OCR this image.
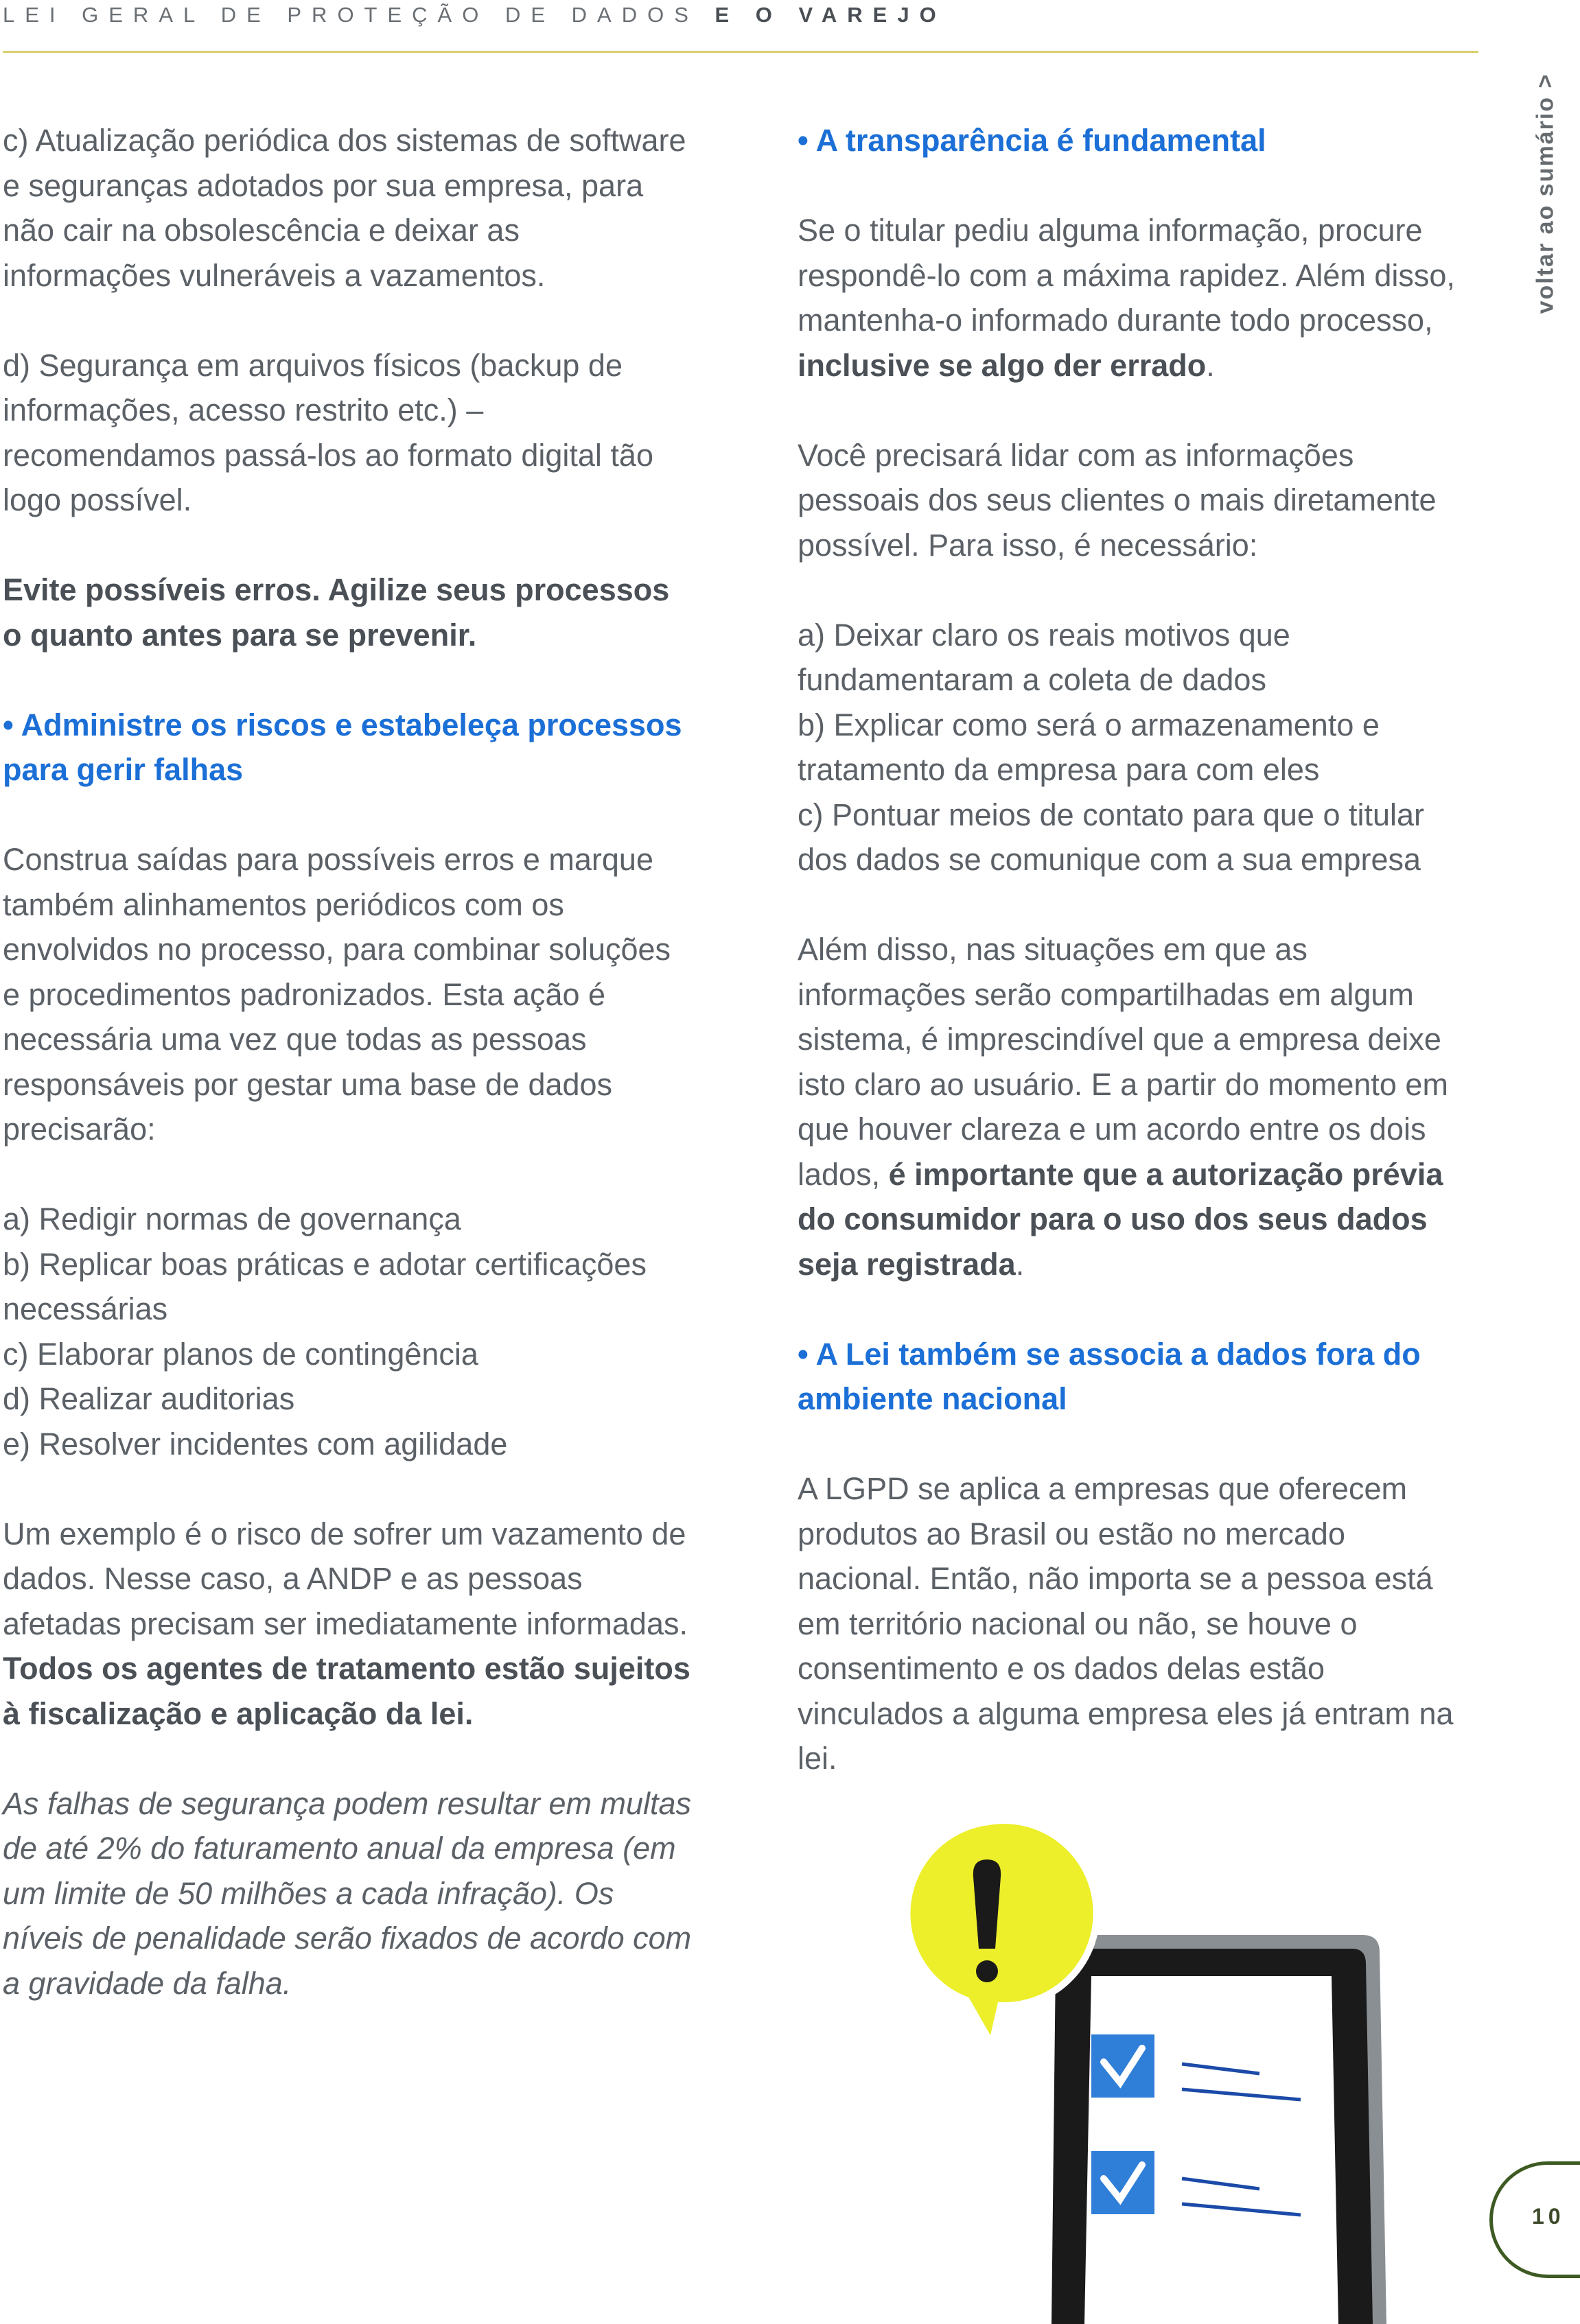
LEI GERAL DE PROTEÇÃO DE DADOS E O VAREJO
voltar ao sumário >

c) Atualização periódica dos sistemas de software e seguranças adotados por sua empresa, para não cair na obsolescência e deixar as informações vulneráveis a vazamentos.

d) Segurança em arquivos físicos (backup de informações, acesso restrito etc.) – recomendamos passá-los ao formato digital tão logo possível.

Evite possíveis erros. Agilize seus processos o quanto antes para se prevenir.

• Administre os riscos e estabeleça processos para gerir falhas

Construa saídas para possíveis erros e marque também alinhamentos periódicos com os envolvidos no processo, para combinar soluções e procedimentos padronizados. Esta ação é necessária uma vez que todas as pessoas responsáveis por gestar uma base de dados precisarão:

a) Redigir normas de governança
b) Replicar boas práticas e adotar certificações necessárias
c) Elaborar planos de contingência
d) Realizar auditorias
e) Resolver incidentes com agilidade

Um exemplo é o risco de sofrer um vazamento de dados. Nesse caso, a ANDP e as pessoas afetadas precisam ser imediatamente informadas. Todos os agentes de tratamento estão sujeitos à fiscalização e aplicação da lei.

As falhas de segurança podem resultar em multas de até 2% do faturamento anual da empresa (em um limite de 50 milhões a cada infração). Os níveis de penalidade serão fixados de acordo com a gravidade da falha.

• A transparência é fundamental

Se o titular pediu alguma informação, procure respondê-lo com a máxima rapidez. Além disso, mantenha-o informado durante todo processo, inclusive se algo der errado.

Você precisará lidar com as informações pessoais dos seus clientes o mais diretamente possível. Para isso, é necessário:

a) Deixar claro os reais motivos que fundamentaram a coleta de dados
b) Explicar como será o armazenamento e tratamento da empresa para com eles
c) Pontuar meios de contato para que o titular dos dados se comunique com a sua empresa

Além disso, nas situações em que as informações serão compartilhadas em algum sistema, é imprescindível que a empresa deixe isto claro ao usuário. E a partir do momento em que houver clareza e um acordo entre os dois lados, é importante que a autorização prévia do consumidor para o uso dos seus dados seja registrada.

• A Lei também se associa a dados fora do ambiente nacional

A LGPD se aplica a empresas que oferecem produtos ao Brasil ou estão no mercado nacional. Então, não importa se a pessoa está em território nacional ou não, se houve o consentimento e os dados delas estão vinculados a alguma empresa eles já entram na lei.

10
